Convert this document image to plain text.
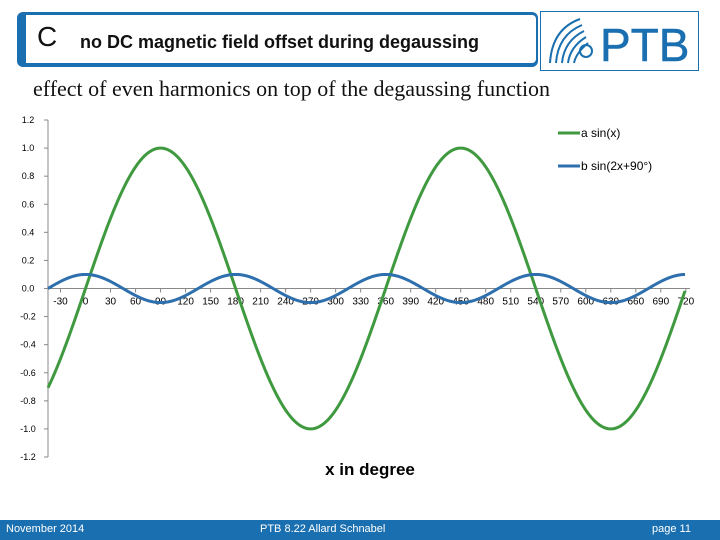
C no DC magnetic field offset during degaussing	PTB
effect of even harmonics on top of the degaussing function
1.2
1.0
0.8
0.6
0.4
0.2
0.0
-0.2
-0.4
-0.6
-0.8
-1.0
-1.2
-30 0 30 60 90 120 150 180 210 240 270 300 330 360 390 420 450 480 510 540 570 600 630 660 690 720
a sin(x)
b sin(2x+90°)
x in degree
November 2014	PTB 8.22 Allard Schnabel	page 11
